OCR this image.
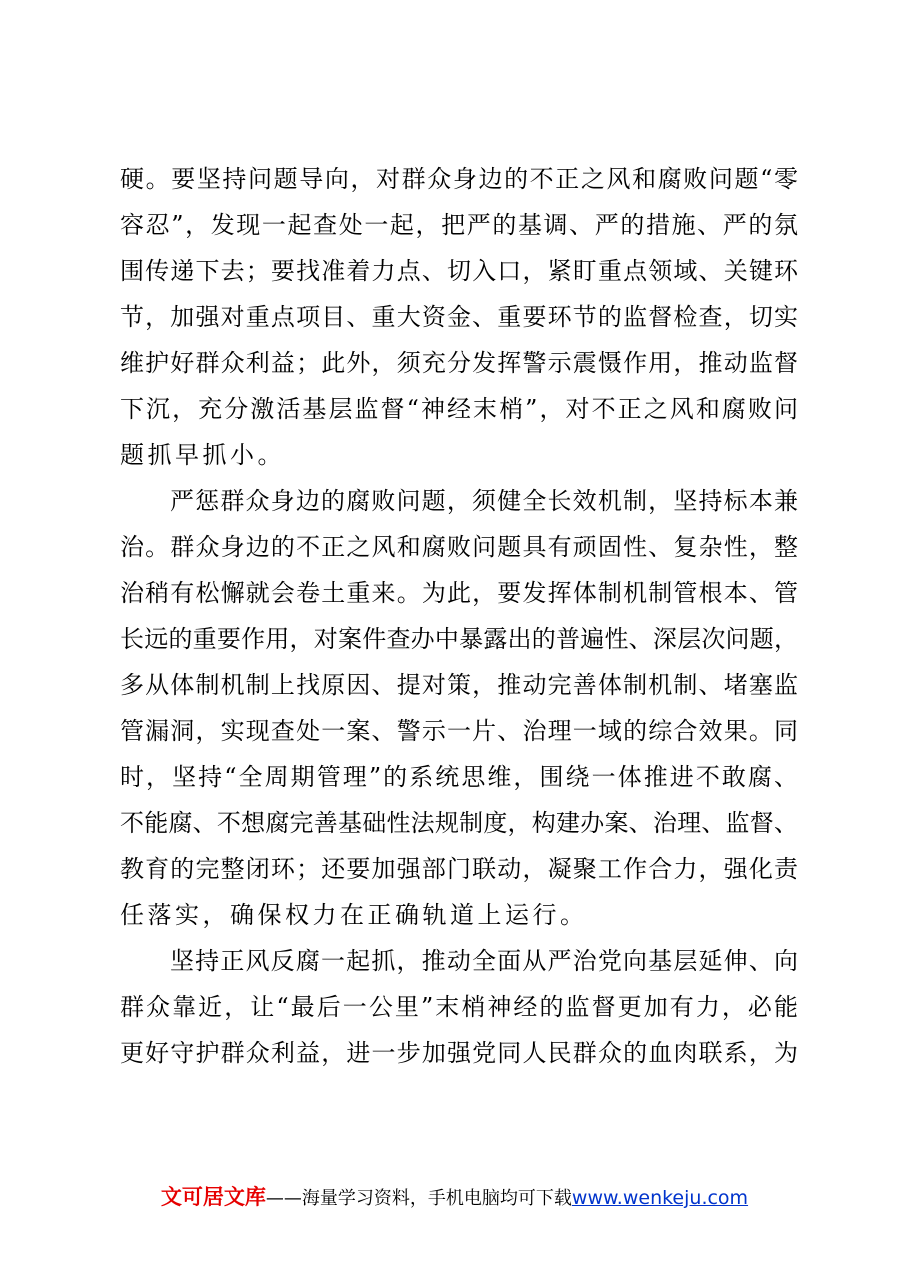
硬。要坚持问题导向，对群众身边的不正之风和腐败问题“零
容忍”，发现一起查处一起，把严的基调、严的措施、严的氛
围传递下去；要找准着力点、切入口，紧盯重点领域、关键环
节，加强对重点项目、重大资金、重要环节的监督检查，切实
维护好群众利益；此外，须充分发挥警示震慑作用，推动监督
下沉，充分激活基层监督“神经末梢”，对不正之风和腐败问
题抓早抓小。
严惩群众身边的腐败问题，须健全长效机制，坚持标本兼
治。群众身边的不正之风和腐败问题具有顽固性、复杂性，整
治稍有松懈就会卷土重来。为此，要发挥体制机制管根本、管
长远的重要作用，对案件查办中暴露出的普遍性、深层次问题，
多从体制机制上找原因、提对策，推动完善体制机制、堵塞监
管漏洞，实现查处一案、警示一片、治理一域的综合效果。同
时，坚持“全周期管理”的系统思维，围绕一体推进不敢腐、
不能腐、不想腐完善基础性法规制度，构建办案、治理、监督、
教育的完整闭环；还要加强部门联动，凝聚工作合力，强化责
任落实，确保权力在正确轨道上运行。
坚持正风反腐一起抓，推动全面从严治党向基层延伸、向
群众靠近，让“最后一公里”末梢神经的监督更加有力，必能
更好守护群众利益，进一步加强党同人民群众的血肉联系，为
文可居文库——海量学习资料，手机电脑均可下载www.wenkeju.com
